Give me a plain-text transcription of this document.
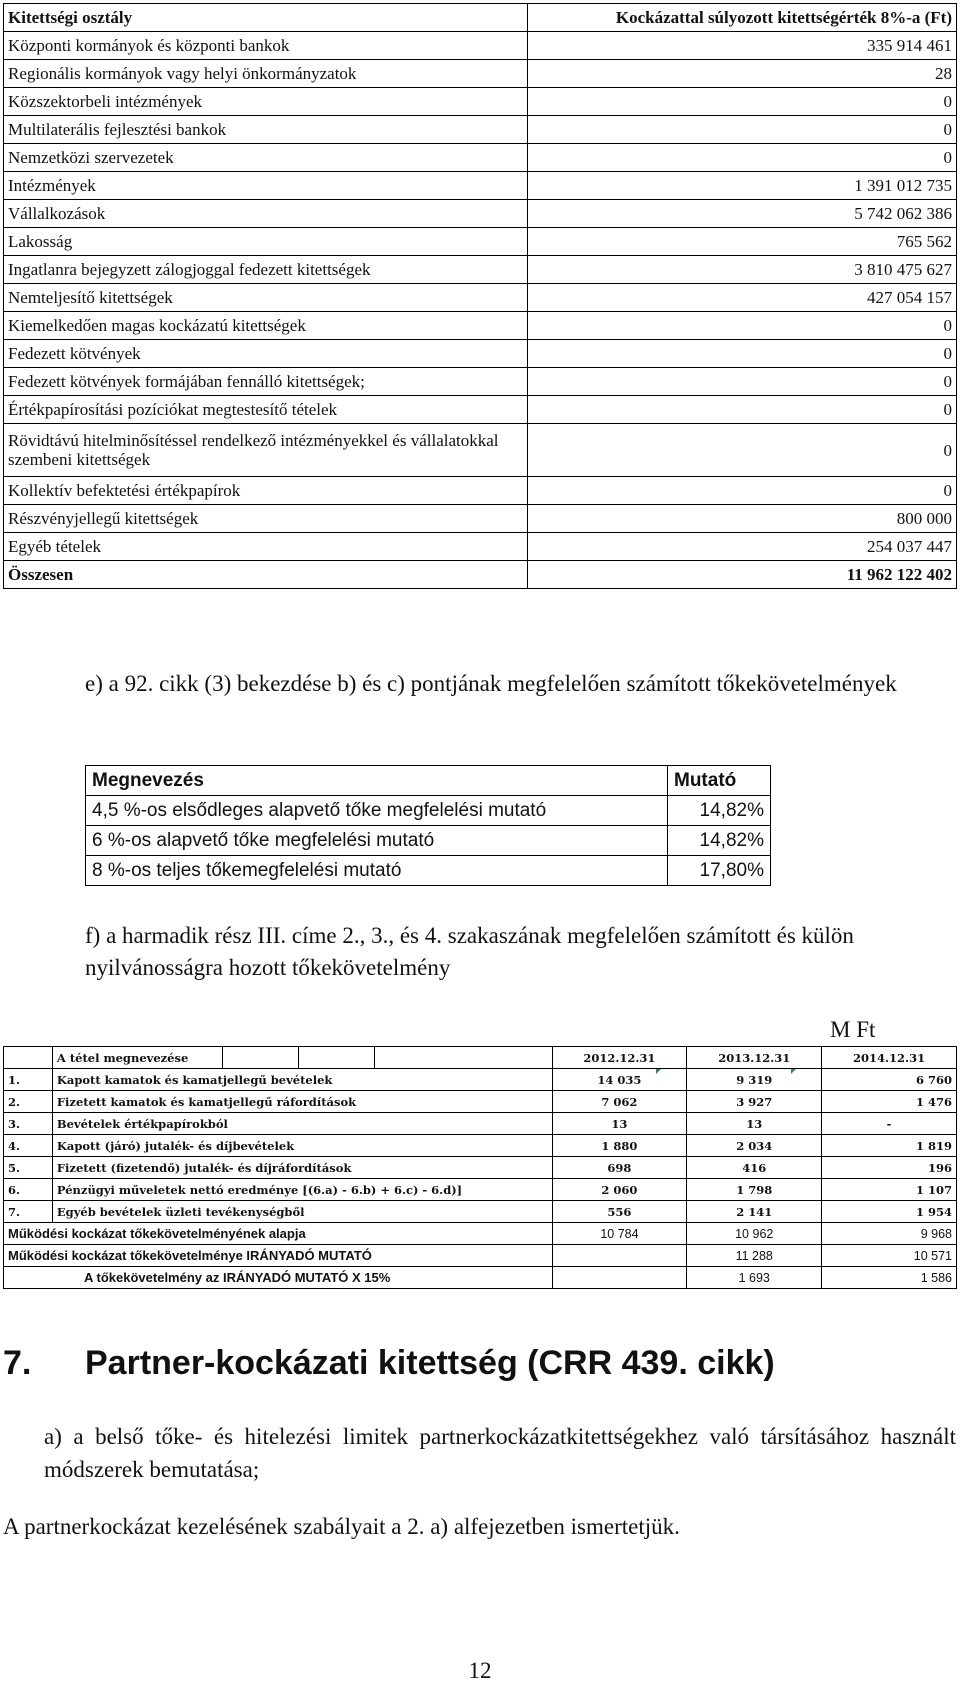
Kitettségi osztály	Kockázattal súlyozott kitettségérték 8%-a (Ft)
Központi kormányok és központi bankok	335 914 461
Regionális kormányok vagy helyi önkormányzatok	28
Közszektorbeli intézmények	0
Multilaterális fejlesztési bankok	0
Nemzetközi szervezetek	0
Intézmények	1 391 012 735
Vállalkozások	5 742 062 386
Lakosság	765 562
Ingatlanra bejegyzett zálogjoggal fedezett kitettségek	3 810 475 627
Nemteljesítő kitettségek	427 054 157
Kiemelkedően magas kockázatú kitettségek	0
Fedezett kötvények	0
Fedezett kötvények formájában fennálló kitettségek;	0
Értékpapírosítási pozíciókat megtestesítő tételek	0
Rövidtávú hitelminősítéssel rendelkező intézményekkel és vállalatokkal szembeni kitettségek	0
Kollektív befektetési értékpapírok	0
Részvényjellegű kitettségek	800 000
Egyéb tételek	254 037 447
Összesen	11 962 122 402

e) a 92. cikk (3) bekezdése b) és c) pontjának megfelelően számított tőkekövetelmények

Megnevezés	Mutató
4,5 %-os elsődleges alapvető tőke megfelelési mutató	14,82%
6 %-os alapvető tőke megfelelési mutató	14,82%
8 %-os teljes tőkemegfelelési mutató	17,80%

f) a harmadik rész III. címe 2., 3., és 4. szakaszának megfelelően számított és külön nyilvánosságra hozott tőkekövetelmény

M Ft
	A tétel megnevezése				2012.12.31	2013.12.31	2014.12.31
1.	Kapott kamatok és kamatjellegű bevételek				14 035	9 319	6 760
2.	Fizetett kamatok és kamatjellegű ráfordítások				7 062	3 927	1 476
3.	Bevételek értékpapírokból				13	13	-
4.	Kapott (járó) jutalék- és díjbevételek				1 880	2 034	1 819
5.	Fizetett (fizetendő) jutalék- és díjráfordítások				698	416	196
6.	Pénzügyi műveletek nettó eredménye [(6.a) - 6.b) + 6.c) - 6.d)]				2 060	1 798	1 107
7.	Egyéb bevételek üzleti tevékenységből				556	2 141	1 954
Működési kockázat tőkekövetelményének alapja					10 784	10 962	9 968
Működési kockázat tőkekövetelménye IRÁNYADÓ MUTATÓ						11 288	10 571
A tőkekövetelmény az IRÁNYADÓ MUTATÓ X 15%						1 693	1 586
7. Partner-kockázati kitettség (CRR 439. cikk)

a) a belső tőke- és hitelezési limitek partnerkockázatkitettségekhez való társításához használt módszerek bemutatása;

A partnerkockázat kezelésének szabályait a 2. a) alfejezetben ismertetjük.

12
